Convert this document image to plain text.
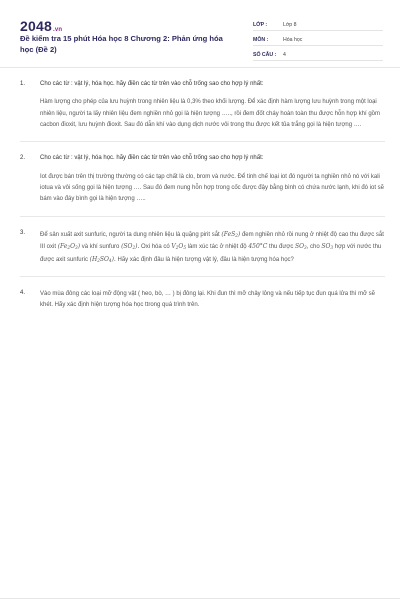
2048.vn
Đề kiểm tra 15 phút Hóa học 8 Chương 2: Phản ứng hóa học (Đề 2)
LỚP :	Lớp 8
MÔN :	Hóa học
SỐ CÂU :	4
1.	Cho các từ : vật lý, hóa học. hãy điền các từ trên vào chỗ trống sao cho hợp lý nhất:
Hàm lượng cho phép của lưu huỳnh trong nhiên liệu là 0,3% theo khối lượng. Để xác định hàm lượng lưu huỳnh trong một loại nhiên liệu, người ta lấy nhiên liệu đem nghiền nhỏ gọi là hiện tượng ….., rồi đem đốt cháy hoàn toàn thu được hỗn hợp khí gồm cacbon đioxit, lưu huỳnh đioxit. Sau đó dẫn khí vào dụng dịch nước vôi trong thu được kết tủa trắng gọi là hiện tượng ….
2.	Cho các từ : vật lý, hóa học. hãy điền các từ trên vào chỗ trống sao cho hợp lý nhất:
Iot được bán trên thị trường thường có các tạp chất là clo, brom và nước. Để tinh chế loại iot đó người ta nghiền nhỏ nó với kali iotua và vôi sống gọi là hiện tượng …. Sau đó đem nung hỗn hợp trong cốc được đậy bằng bình có chứa nước lạnh, khi đó iot sẽ bám vào đáy bình gọi là hiện tượng …..
3.	Để sản xuất axit sunfuric, người ta dung nhiên liệu là quặng pirit sắt (FeS$_2$) đem nghiền nhỏ rồi nung ở nhiệt độ cao thu được sắt III oxit $(Fe_2O_3)$ và khí sunfuro $(SO_2)$. Oxi hóa có $V_2O_5$ làm xúc tác ở nhiệt độ 450°C thu được $SO_3$, cho $SO_3$ hợp với nước thu được axit sunfuric $(H_2SO_4)$. Hãy xác định đâu là hiện tượng vật lý, đâu là hiện tượng hóa học?
4.	Vào mùa đông các loại mỡ động vật ( heo, bò, … ) bị đông lại. Khi đun thì mỡ chảy lỏng và nếu tiếp tục đun quá lửa thì mỡ sẽ khét. Hãy xác định hiện tượng hóa học ttrong quá trình trên.
